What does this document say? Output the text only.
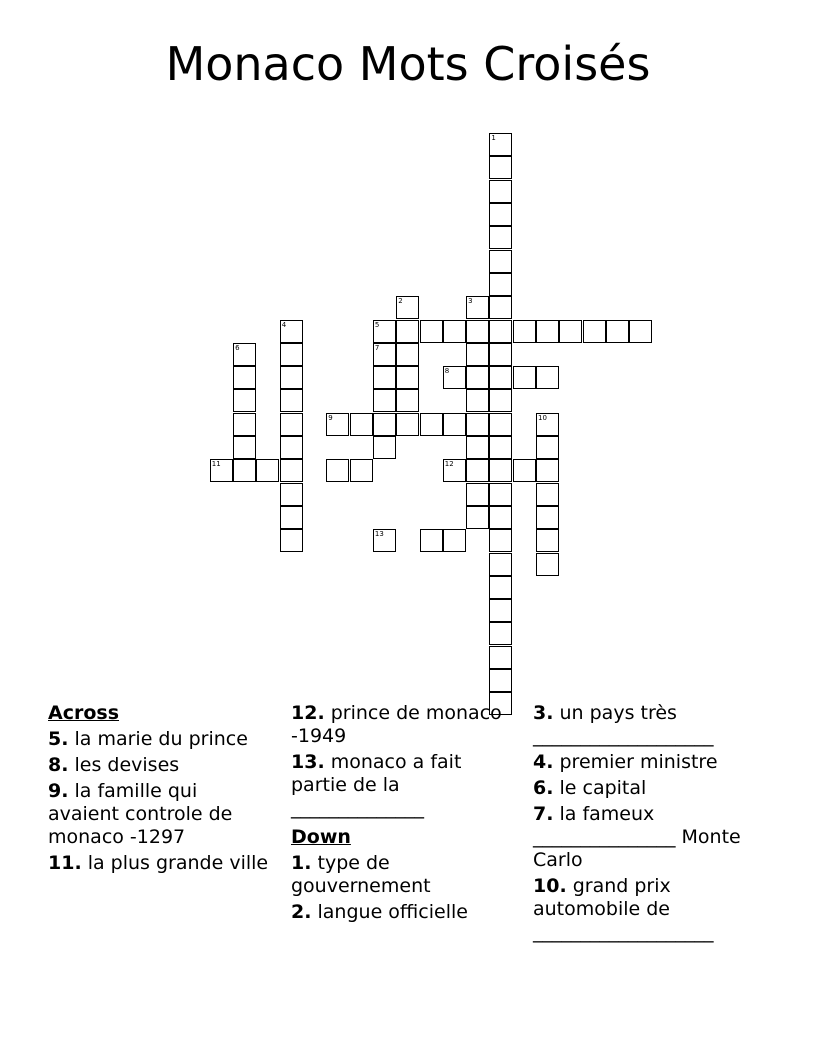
Monaco Mots Croisés
1
3
2
5
8
9
11	12
13
4
6	7
10
Across
5. la marie du prince
8. les devises
9. la famille qui avaient controle de monaco -1297
11. la plus grande ville
12. prince de monaco -1949
13. monaco a fait partie de la ______________
Down
1. type de gouvernement
2. langue officielle
3. un pays très ___________________
4. premier ministre
6. le capital
7. la fameux _______________ Monte Carlo
10. grand prix automobile de ___________________
